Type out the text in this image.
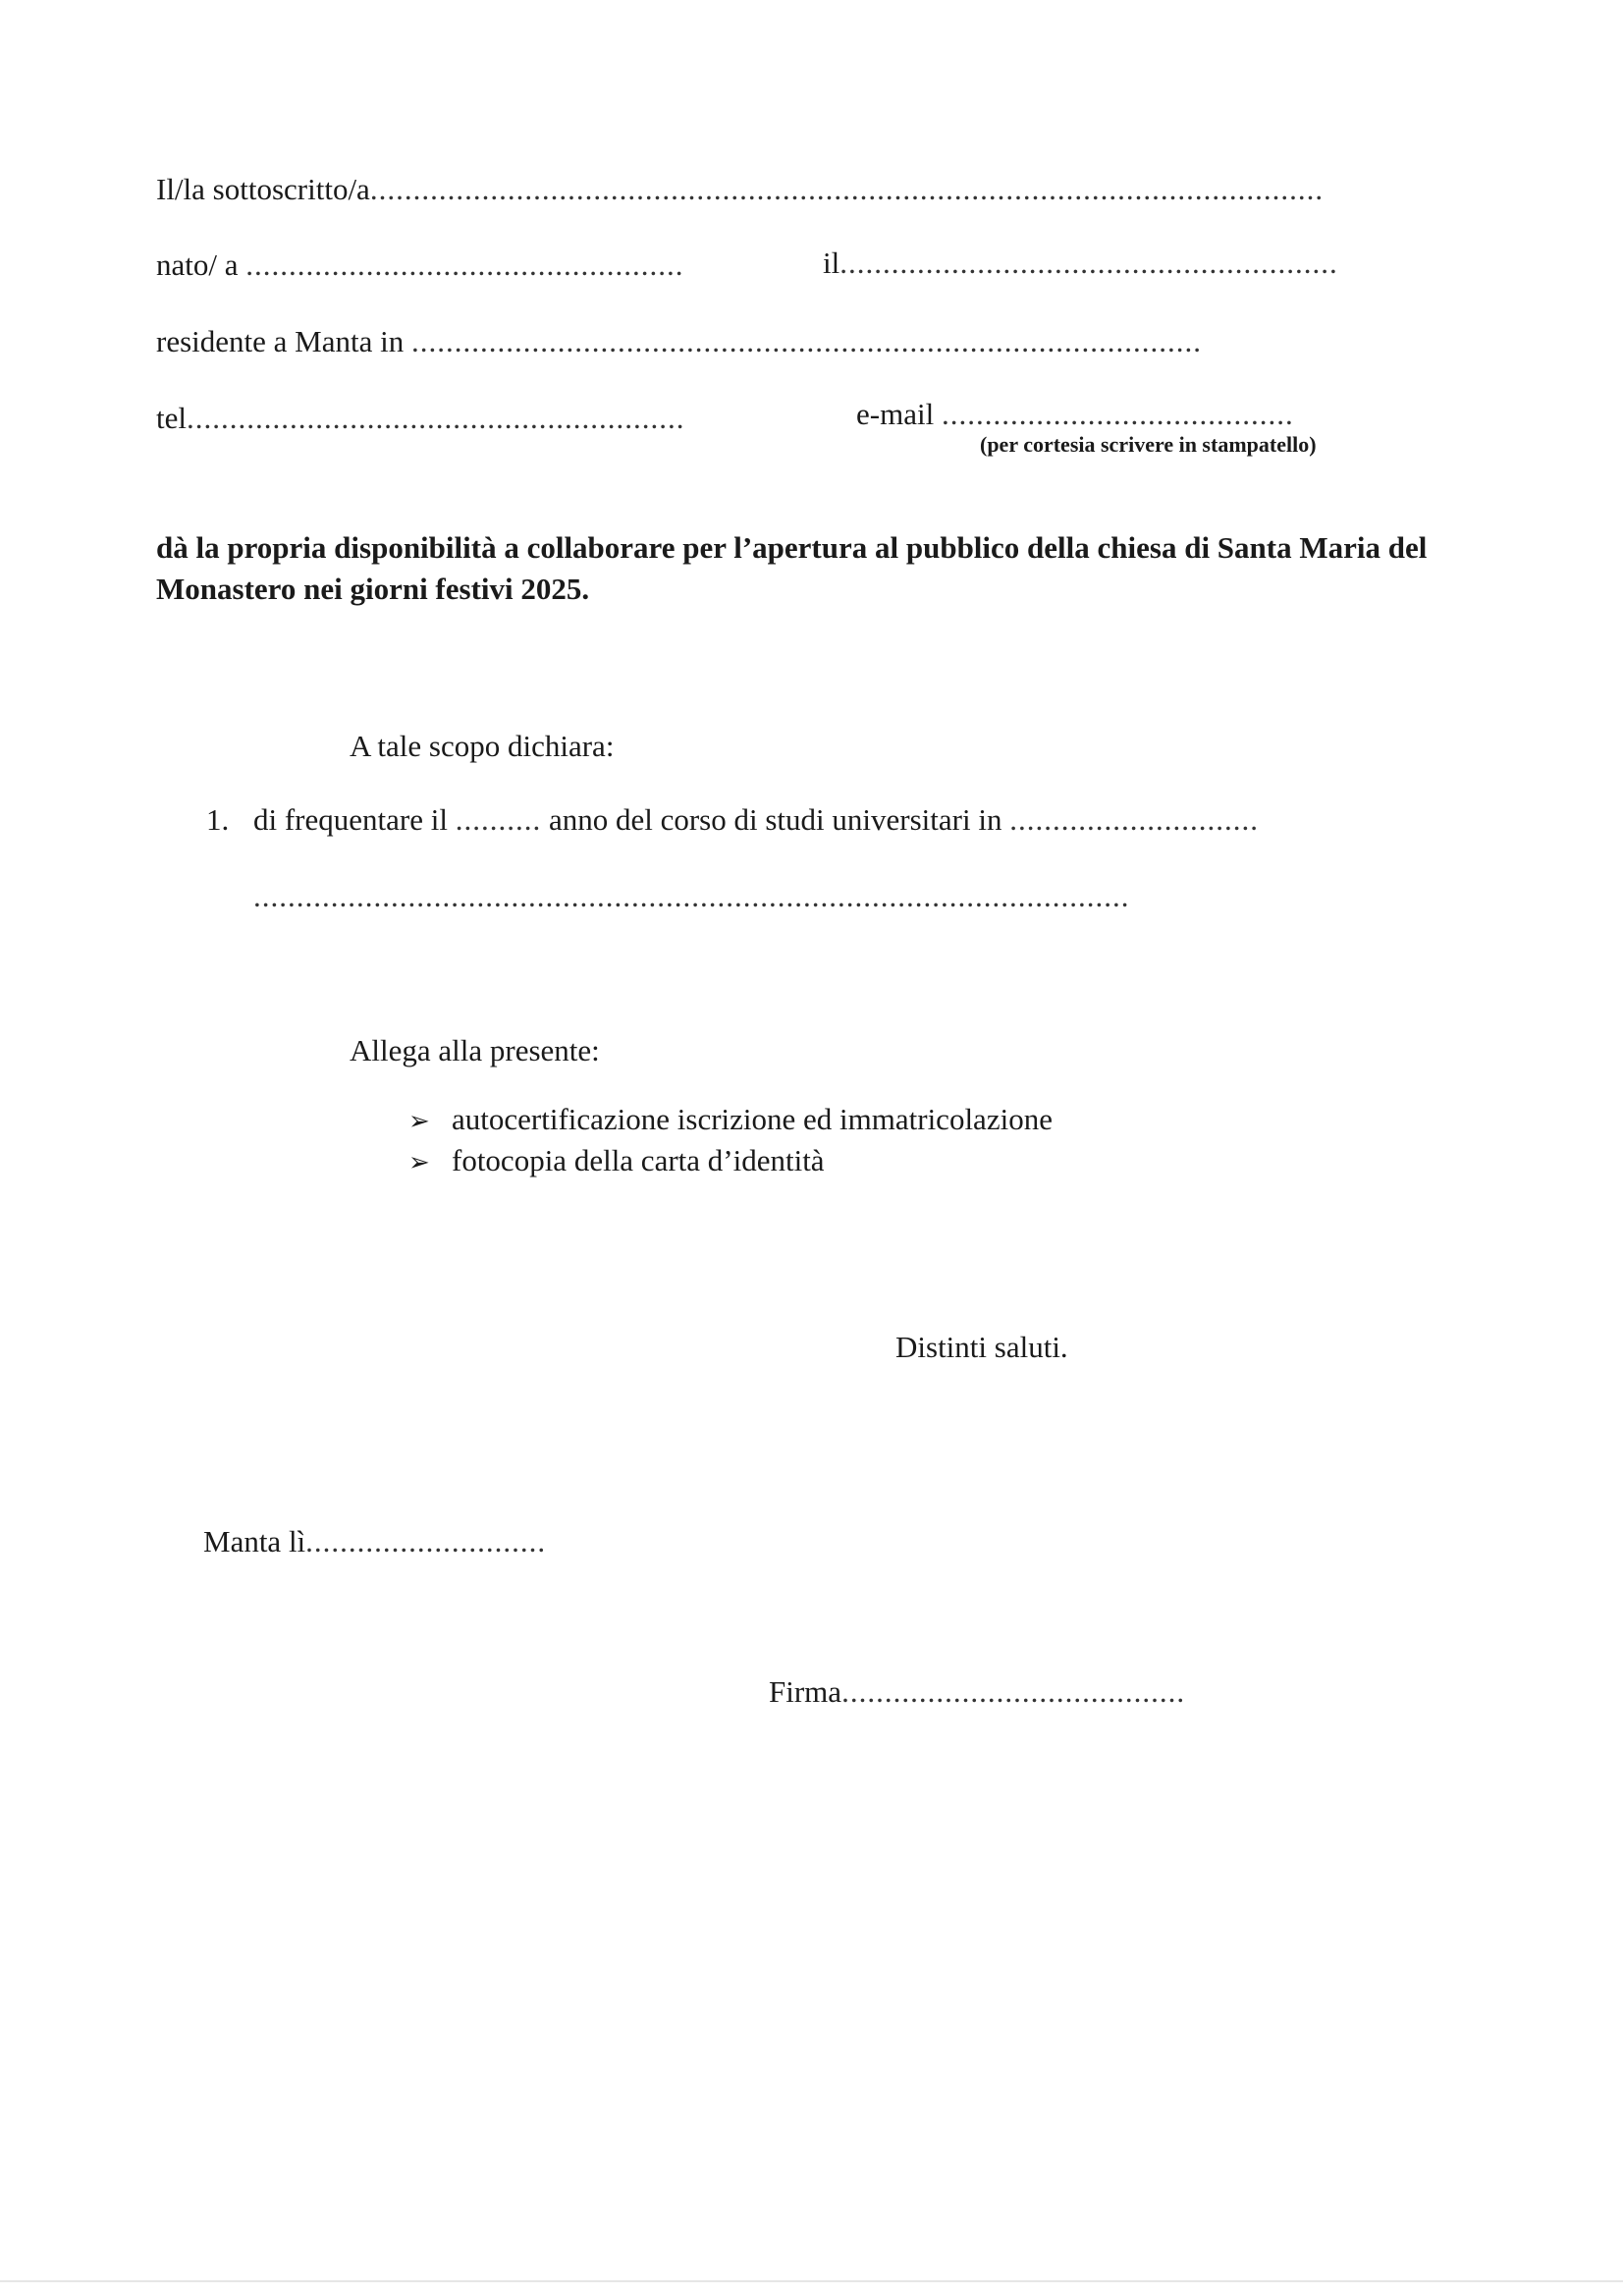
Il/la sottoscritto/a...............................................................................................................
nato/ a ...................................................	il..........................................................
residente a Manta in ............................................................................................
tel..........................................................	e-mail .........................................
(per cortesia scrivere in stampatello)
dà la propria disponibilità a collaborare per l’apertura al pubblico della chiesa di Santa Maria del Monastero nei giorni festivi 2025.
A tale scopo dichiara:
1. di frequentare il .......... anno del corso di studi universitari in .............................
......................................................................................................
Allega alla presente:
➢ autocertificazione iscrizione ed immatricolazione
➢ fotocopia della carta d’identità
Distinti saluti.
Manta lì............................
Firma........................................
